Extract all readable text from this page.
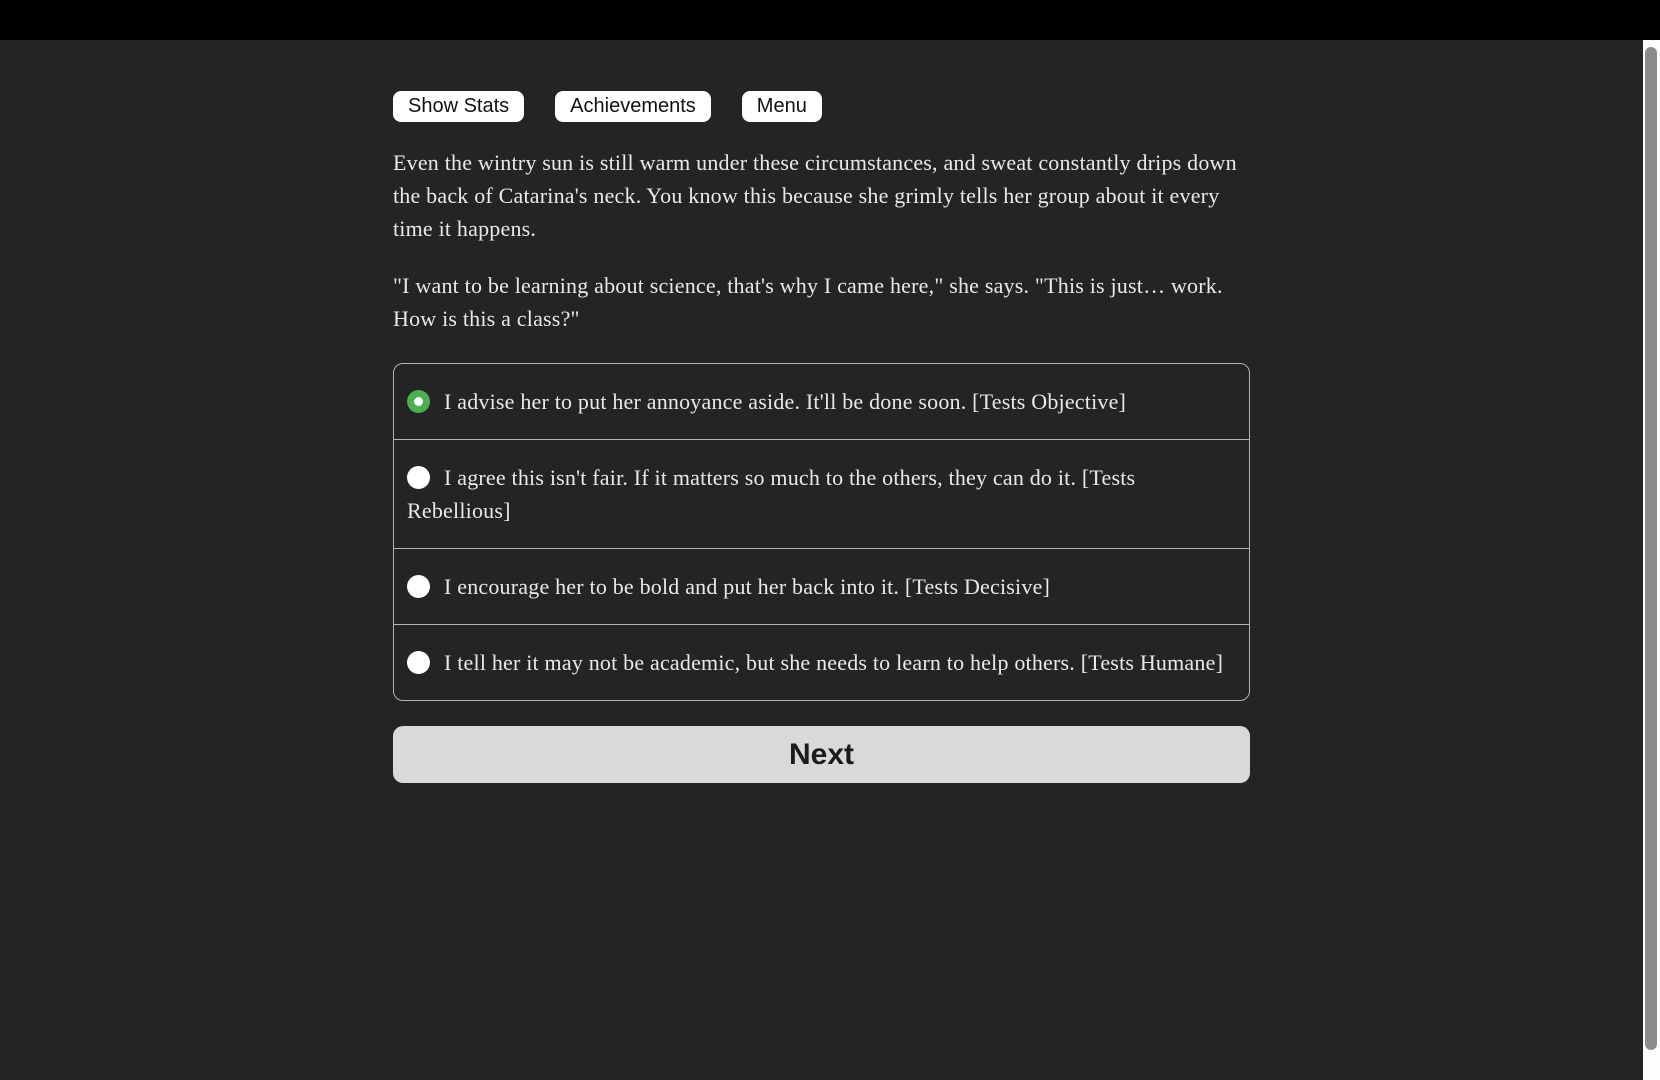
Show Stats	Achievements	Menu

Even the wintry sun is still warm under these circumstances, and sweat constantly drips down the back of Catarina's neck. You know this because she grimly tells her group about it every time it happens.

"I want to be learning about science, that's why I came here," she says. "This is just… work. How is this a class?"

I advise her to put her annoyance aside. It'll be done soon. [Tests Objective]
I agree this isn't fair. If it matters so much to the others, they can do it. [Tests Rebellious]
I encourage her to be bold and put her back into it. [Tests Decisive]
I tell her it may not be academic, but she needs to learn to help others. [Tests Humane]
Next
